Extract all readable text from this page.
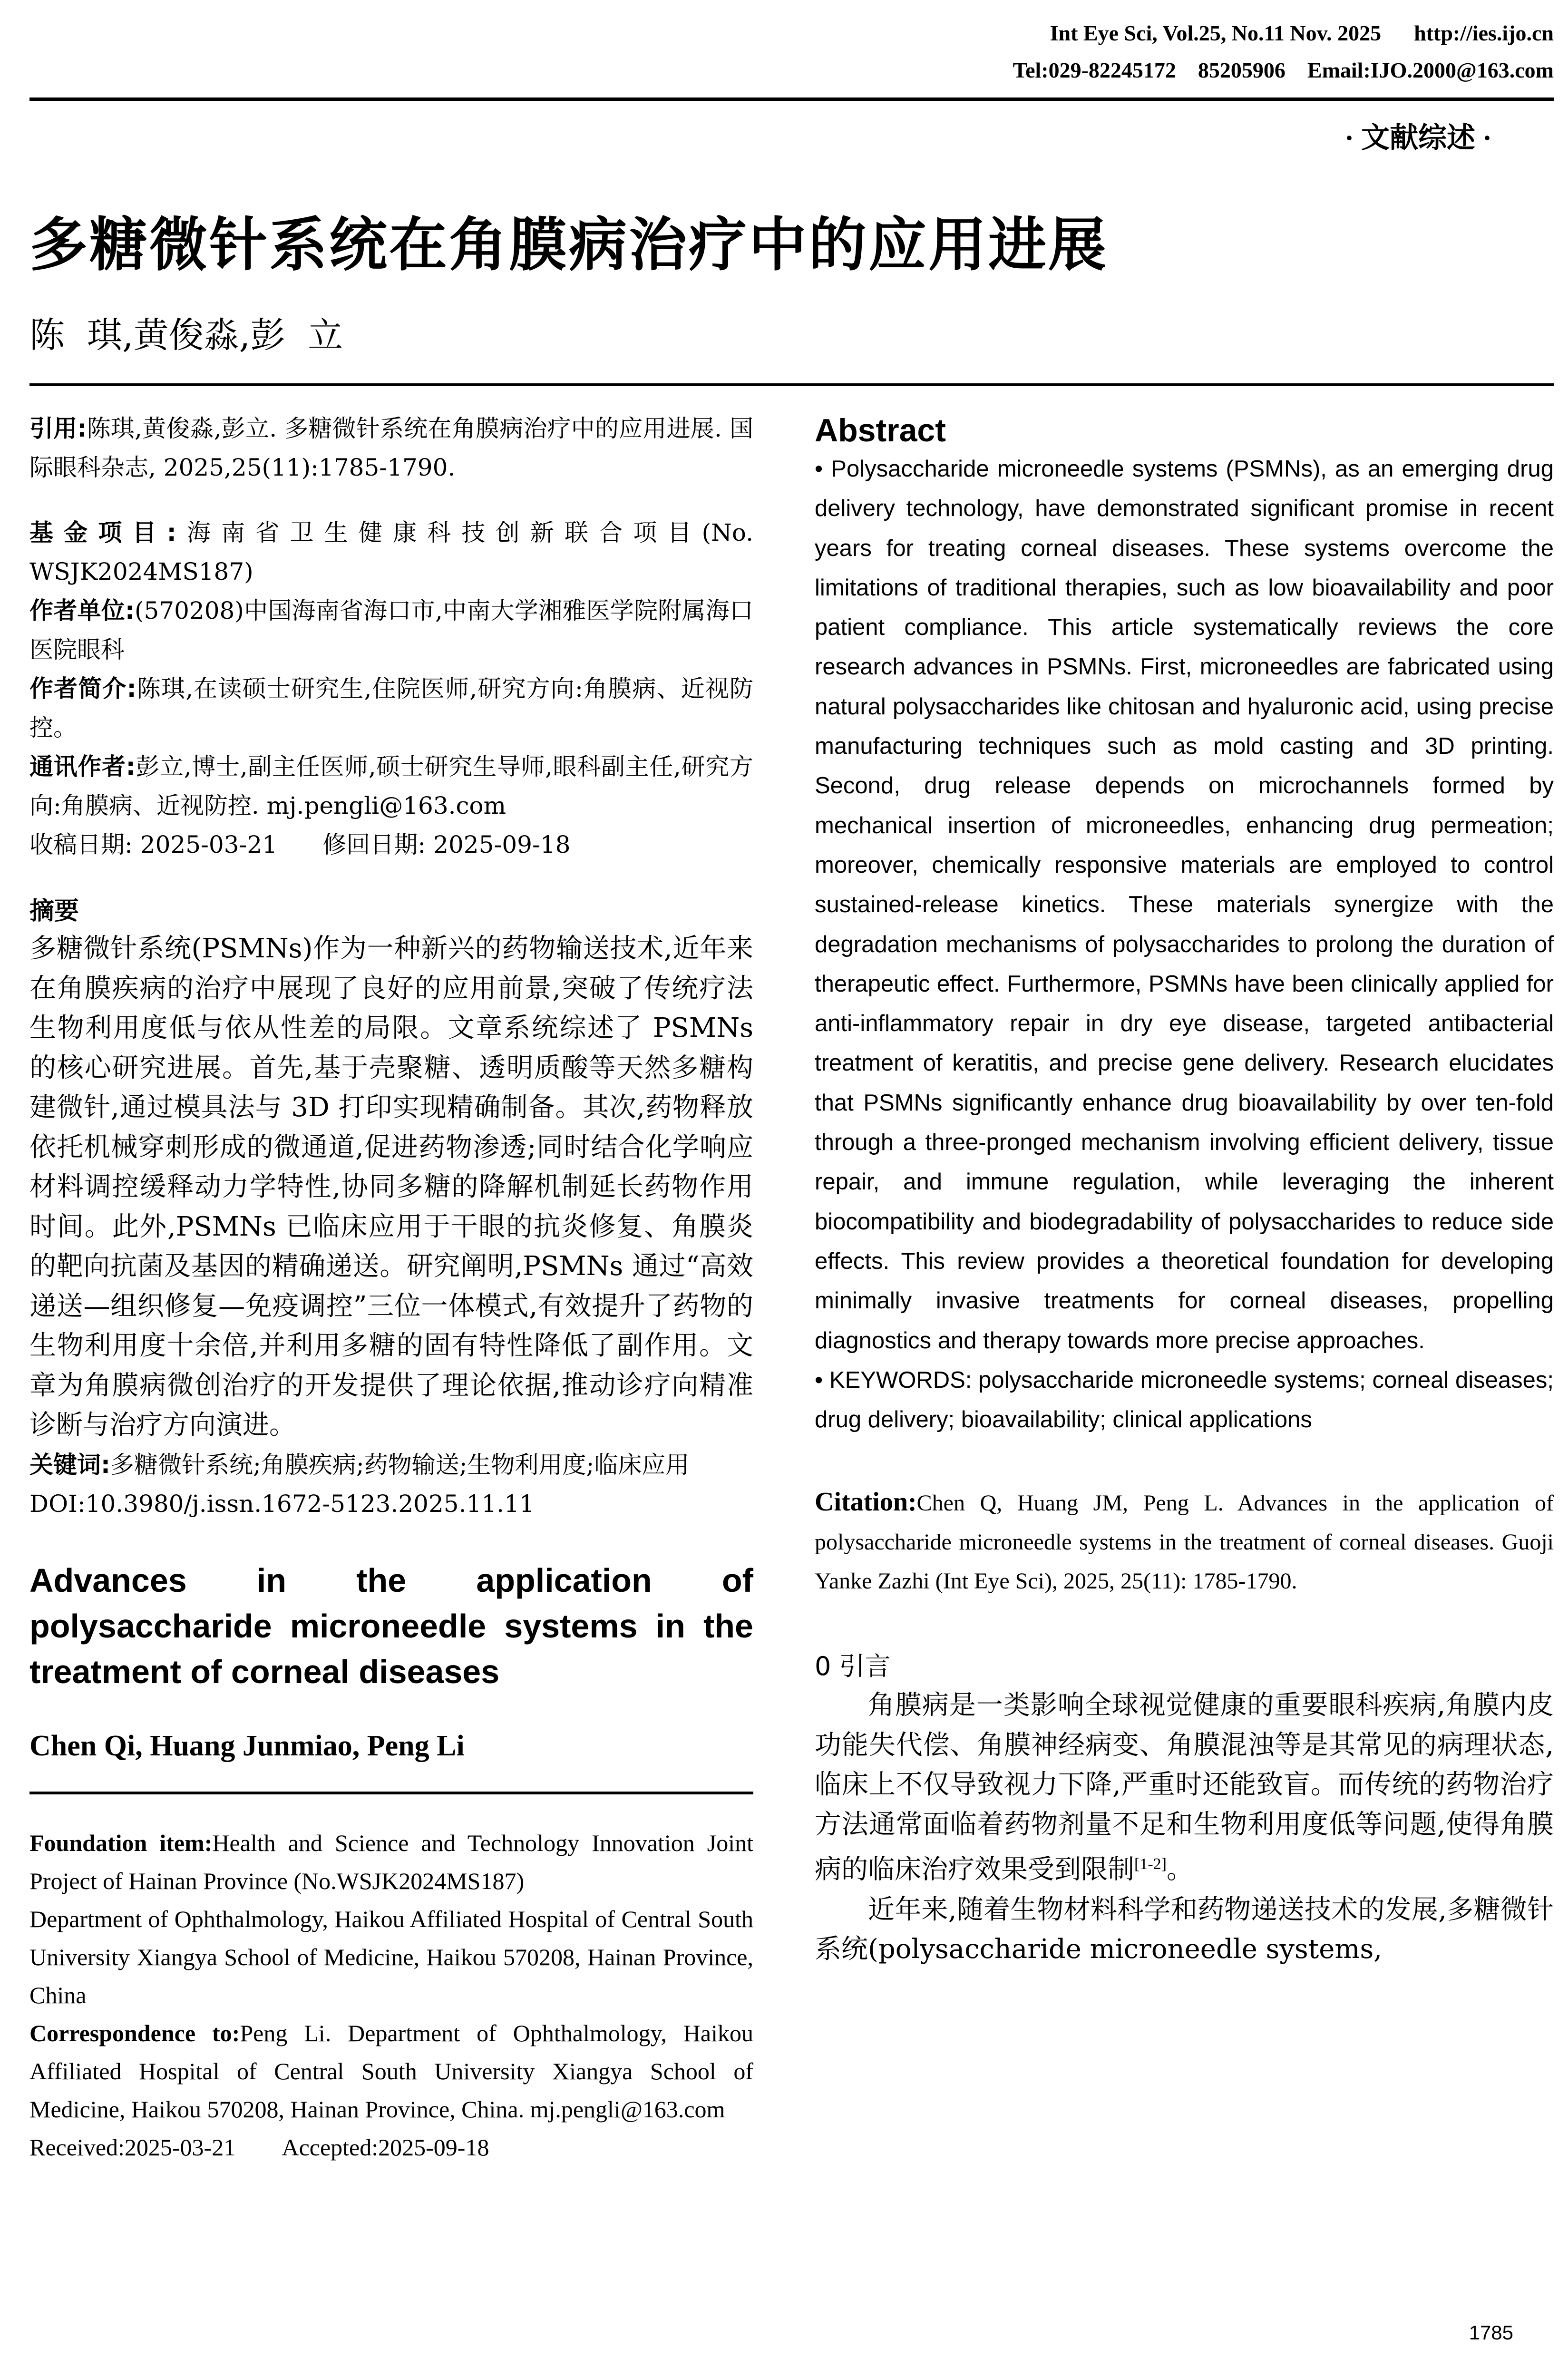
Int Eye Sci, Vol.25, No.11 Nov. 2025      http://ies.ijo.cn
Tel:029-82245172    85205906    Email:IJO.2000@163.com
· 文献综述 ·
多糖微针系统在角膜病治疗中的应用进展
陈  琪,黄俊淼,彭  立

引用:陈琪,黄俊淼,彭立. 多糖微针系统在角膜病治疗中的应用进展. 国际眼科杂志, 2025,25(11):1785-1790.

基金项目:海南省卫生健康科技创新联合项目(No. WSJK2024MS187)

作者单位:(570208)中国海南省海口市,中南大学湘雅医学院附属海口医院眼科

作者简介:陈琪,在读硕士研究生,住院医师,研究方向:角膜病、近视防控。

通讯作者:彭立,博士,副主任医师,硕士研究生导师,眼科副主任,研究方向:角膜病、近视防控. mj.pengli@163.com

收稿日期: 2025-03-21 修回日期: 2025-09-18

摘要

多糖微针系统(PSMNs)作为一种新兴的药物输送技术,近年来在角膜疾病的治疗中展现了良好的应用前景,突破了传统疗法生物利用度低与依从性差的局限。文章系统综述了 PSMNs 的核心研究进展。首先,基于壳聚糖、透明质酸等天然多糖构建微针,通过模具法与 3D 打印实现精确制备。其次,药物释放依托机械穿刺形成的微通道,促进药物渗透;同时结合化学响应材料调控缓释动力学特性,协同多糖的降解机制延长药物作用时间。此外,PSMNs 已临床应用于干眼的抗炎修复、角膜炎的靶向抗菌及基因的精确递送。研究阐明,PSMNs 通过“高效递送—组织修复—免疫调控”三位一体模式,有效提升了药物的生物利用度十余倍,并利用多糖的固有特性降低了副作用。文章为角膜病微创治疗的开发提供了理论依据,推动诊疗向精准诊断与治疗方向演进。

关键词:多糖微针系统;角膜疾病;药物输送;生物利用度;临床应用

DOI:10.3980/j.issn.1672-5123.2025.11.11

Advances in the application of polysaccharide microneedle systems in the treatment of corneal diseases
Chen Qi, Huang Junmiao, Peng Li

Foundation item:Health and Science and Technology Innovation Joint Project of Hainan Province (No.WSJK2024MS187)

Department of Ophthalmology, Haikou Affiliated Hospital of Central South University Xiangya School of Medicine, Haikou 570208, Hainan Province, China

Correspondence to:Peng Li. Department of Ophthalmology, Haikou Affiliated Hospital of Central South University Xiangya School of Medicine, Haikou 570208, Hainan Province, China. mj.pengli@163.com

Received:2025-03-21 Accepted:2025-09-18

Abstract

• Polysaccharide microneedle systems (PSMNs), as an emerging drug delivery technology, have demonstrated significant promise in recent years for treating corneal diseases. These systems overcome the limitations of traditional therapies, such as low bioavailability and poor patient compliance. This article systematically reviews the core research advances in PSMNs. First, microneedles are fabricated using natural polysaccharides like chitosan and hyaluronic acid, using precise manufacturing techniques such as mold casting and 3D printing. Second, drug release depends on microchannels formed by mechanical insertion of microneedles, enhancing drug permeation; moreover, chemically responsive materials are employed to control sustained-release kinetics. These materials synergize with the degradation mechanisms of polysaccharides to prolong the duration of therapeutic effect. Furthermore, PSMNs have been clinically applied for anti-inflammatory repair in dry eye disease, targeted antibacterial treatment of keratitis, and precise gene delivery. Research elucidates that PSMNs significantly enhance drug bioavailability by over ten-fold through a three-pronged mechanism involving efficient delivery, tissue repair, and immune regulation, while leveraging the inherent biocompatibility and biodegradability of polysaccharides to reduce side effects. This review provides a theoretical foundation for developing minimally invasive treatments for corneal diseases, propelling diagnostics and therapy towards more precise approaches.

• KEYWORDS: polysaccharide microneedle systems; corneal diseases; drug delivery; bioavailability; clinical applications

Citation:Chen Q, Huang JM, Peng L. Advances in the application of polysaccharide microneedle systems in the treatment of corneal diseases. Guoji Yanke Zazhi (Int Eye Sci), 2025, 25(11): 1785-1790.
0 引言

角膜病是一类影响全球视觉健康的重要眼科疾病,角膜内皮功能失代偿、角膜神经病变、角膜混浊等是其常见的病理状态,临床上不仅导致视力下降,严重时还能致盲。而传统的药物治疗方法通常面临着药物剂量不足和生物利用度低等问题,使得角膜病的临床治疗效果受到限制[1-2]。

近年来,随着生物材料科学和药物递送技术的发展,多糖微针系统(polysaccharide microneedle systems,

1785
